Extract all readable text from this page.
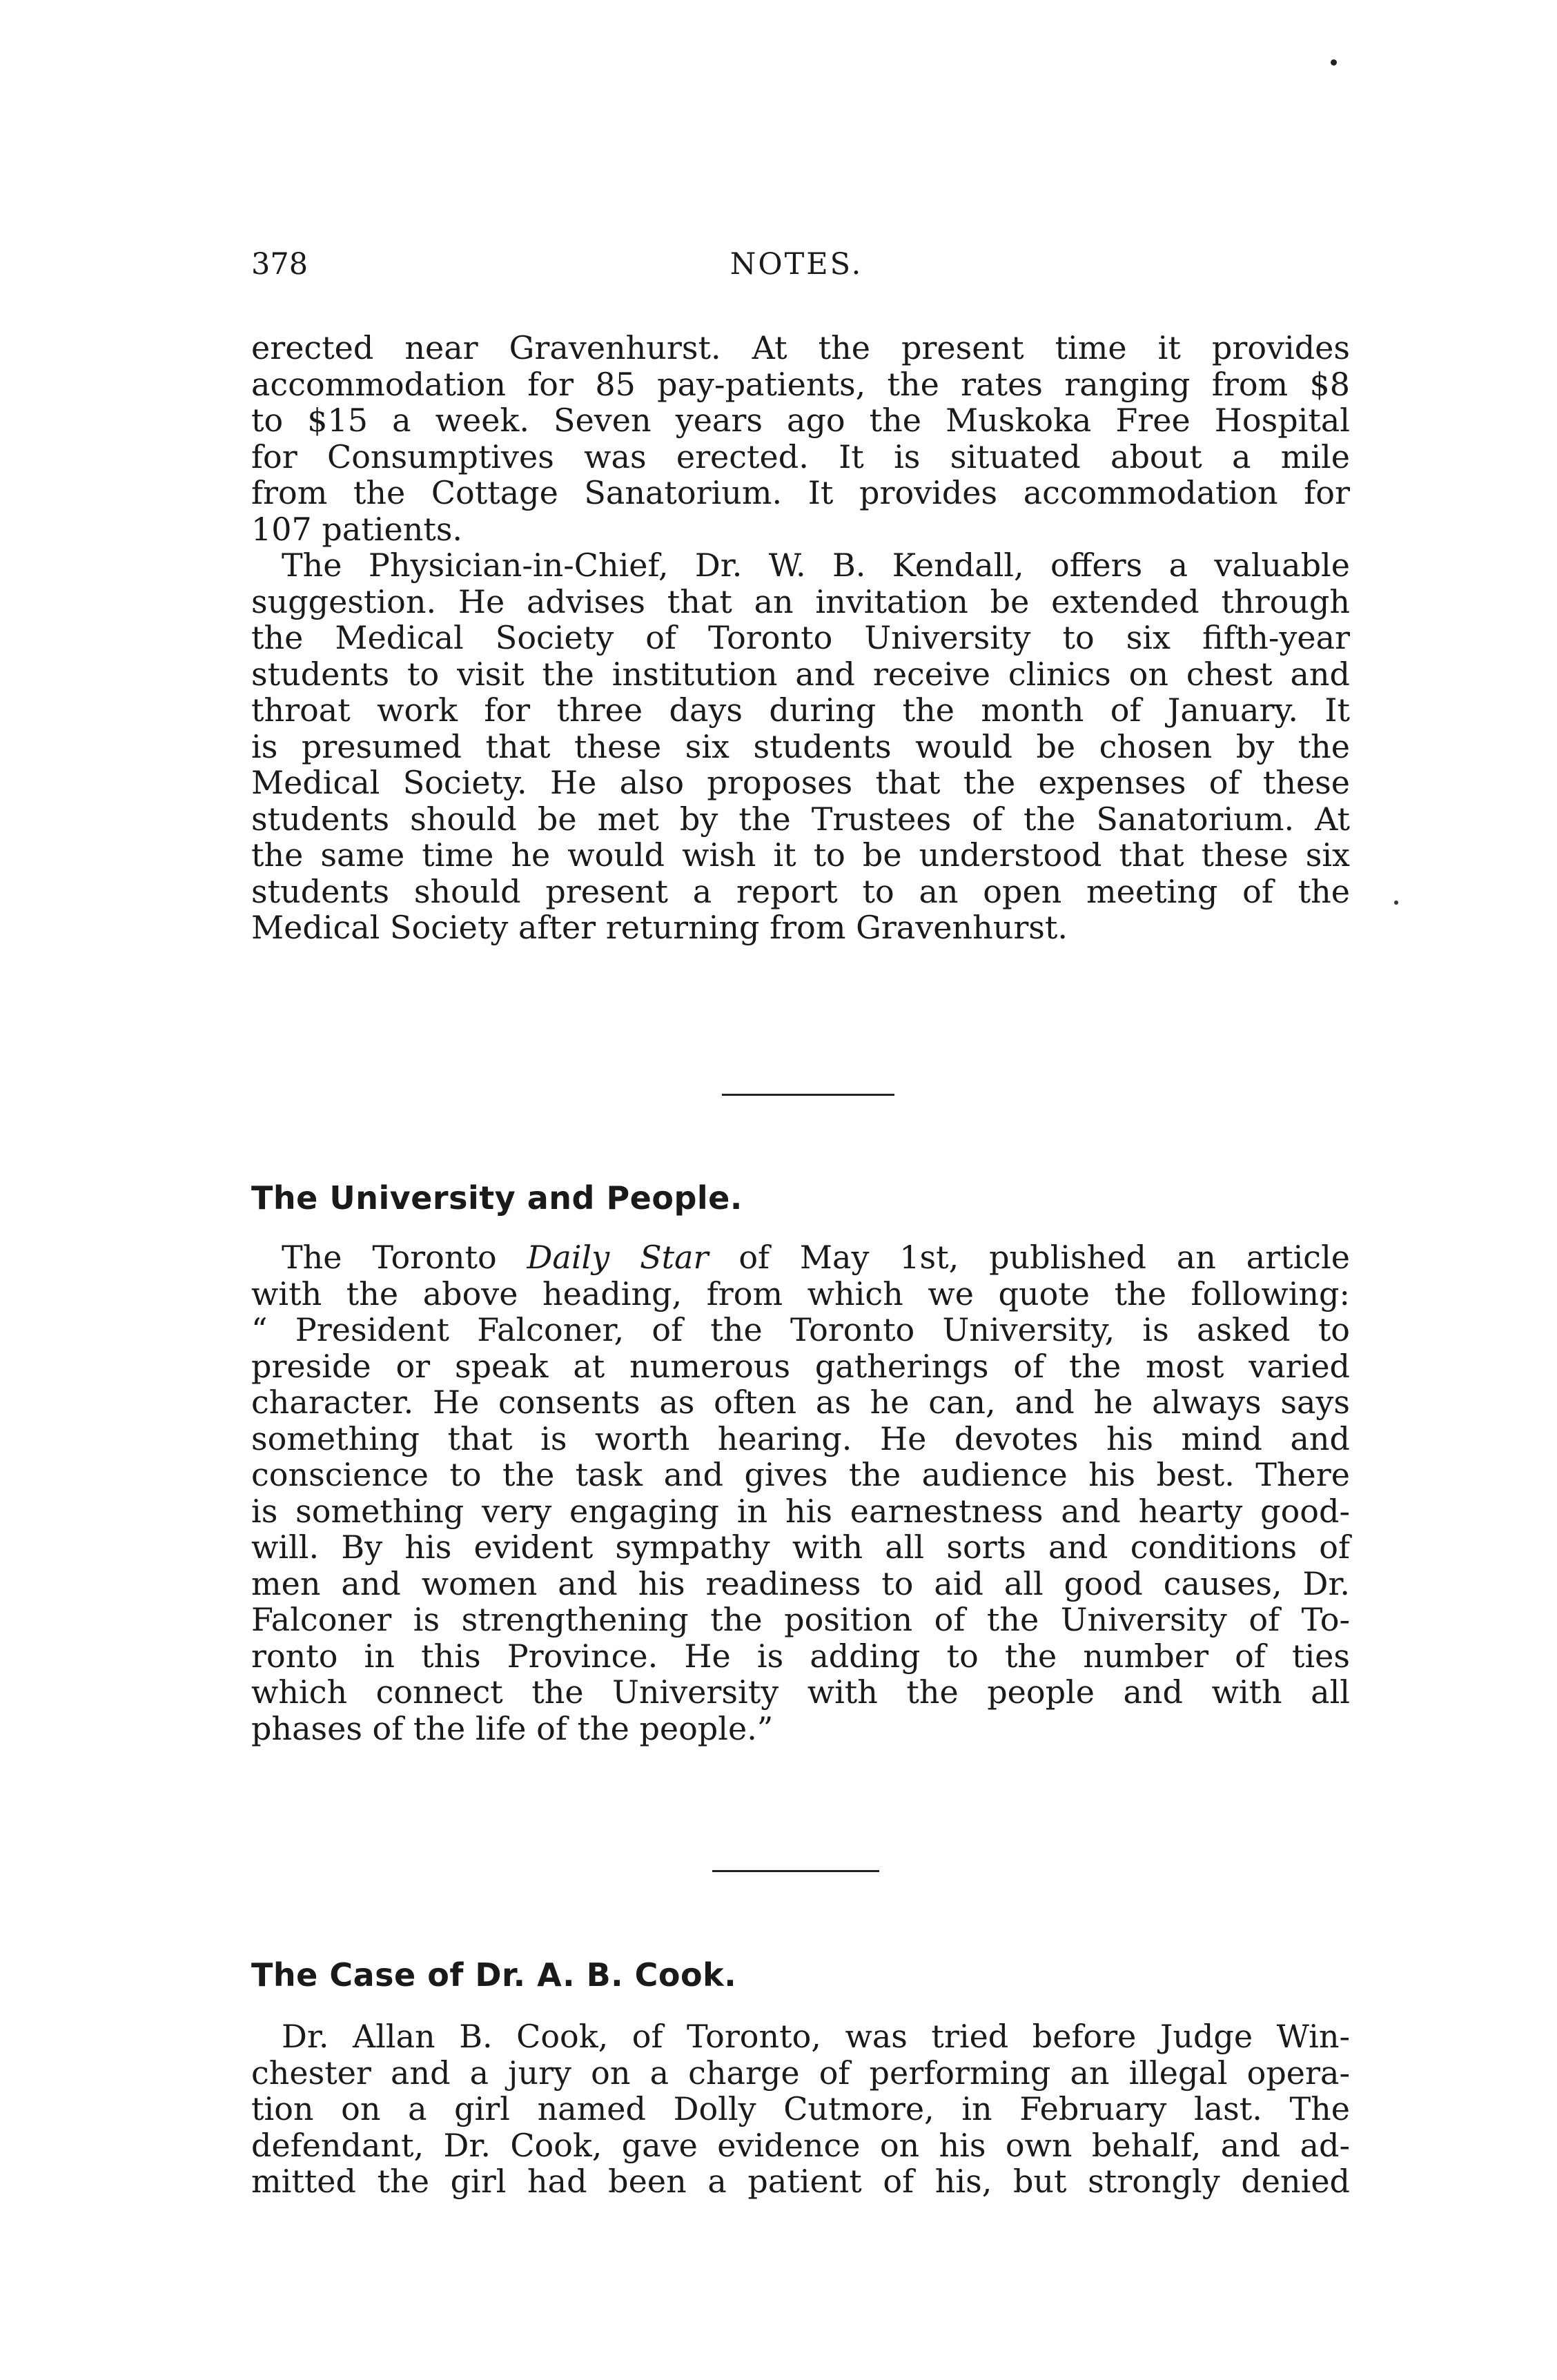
378	NOTES.
erected near Gravenhurst. At the present time it provides
accommodation for 85 pay-patients, the rates ranging from $8
to $15 a week. Seven years ago the Muskoka Free Hospital
for Consumptives was erected. It is situated about a mile
from the Cottage Sanatorium. It provides accommodation for
107 patients.
The Physician-in-Chief, Dr. W. B. Kendall, offers a valuable
suggestion. He advises that an invitation be extended through
the Medical Society of Toronto University to six fifth-year
students to visit the institution and receive clinics on chest and
throat work for three days during the month of January. It
is presumed that these six students would be chosen by the
Medical Society. He also proposes that the expenses of these
students should be met by the Trustees of the Sanatorium. At
the same time he would wish it to be understood that these six
students should present a report to an open meeting of the
Medical Society after returning from Gravenhurst.
The University and People.
The Toronto Daily Star of May 1st, published an article
with the above heading, from which we quote the following:
“ President Falconer, of the Toronto University, is asked to
preside or speak at numerous gatherings of the most varied
character. He consents as often as he can, and he always says
something that is worth hearing. He devotes his mind and
conscience to the task and gives the audience his best. There
is something very engaging in his earnestness and hearty good-
will. By his evident sympathy with all sorts and conditions of
men and women and his readiness to aid all good causes, Dr.
Falconer is strengthening the position of the University of To-
ronto in this Province. He is adding to the number of ties
which connect the University with the people and with all
phases of the life of the people.”
The Case of Dr. A. B. Cook.
Dr. Allan B. Cook, of Toronto, was tried before Judge Win-
chester and a jury on a charge of performing an illegal opera-
tion on a girl named Dolly Cutmore, in February last. The
defendant, Dr. Cook, gave evidence on his own behalf, and ad-
mitted the girl had been a patient of his, but strongly denied
